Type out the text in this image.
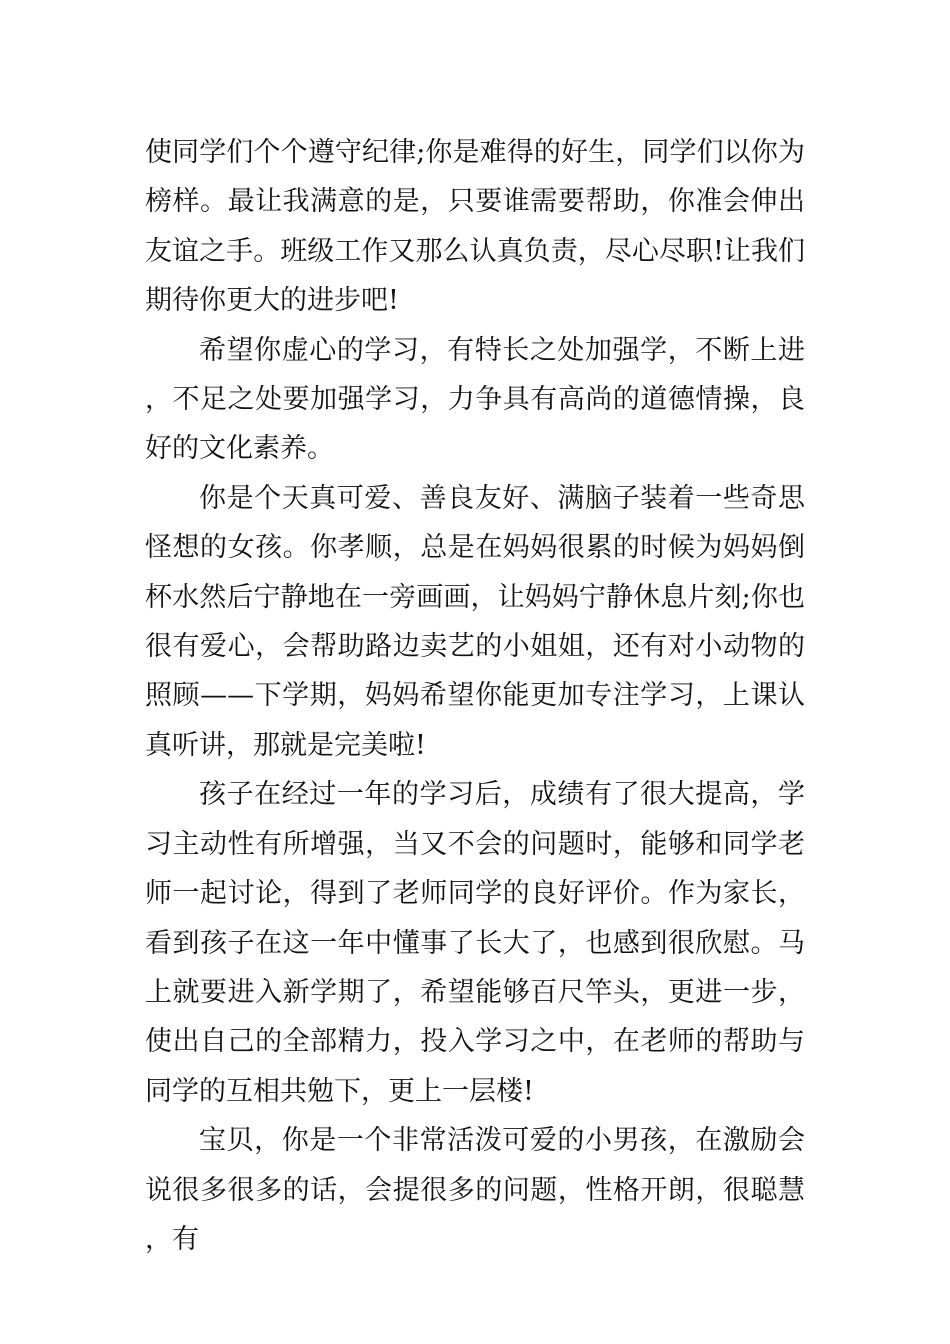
使同学们个个遵守纪律;你是难得的好生，同学们以你为榜样。最让我满意的是，只要谁需要帮助，你准会伸出友谊之手。班级工作又那么认真负责，尽心尽职!让我们期待你更大的进步吧!

希望你虚心的学习，有特长之处加强学，不断上进，不足之处要加强学习，力争具有高尚的道德情操，良好的文化素养。

你是个天真可爱、善良友好、满脑子装着一些奇思怪想的女孩。你孝顺，总是在妈妈很累的时候为妈妈倒杯水然后宁静地在一旁画画，让妈妈宁静休息片刻;你也很有爱心，会帮助路边卖艺的小姐姐，还有对小动物的照顾——下学期，妈妈希望你能更加专注学习，上课认真听讲，那就是完美啦!

孩子在经过一年的学习后，成绩有了很大提高，学习主动性有所增强，当又不会的问题时，能够和同学老师一起讨论，得到了老师同学的良好评价。作为家长，看到孩子在这一年中懂事了长大了，也感到很欣慰。马上就要进入新学期了，希望能够百尺竿头，更进一步，使出自己的全部精力，投入学习之中，在老师的帮助与同学的互相共勉下，更上一层楼!

宝贝，你是一个非常活泼可爱的小男孩，在激励会说很多很多的话，会提很多的问题，性格开朗，很聪慧，有
